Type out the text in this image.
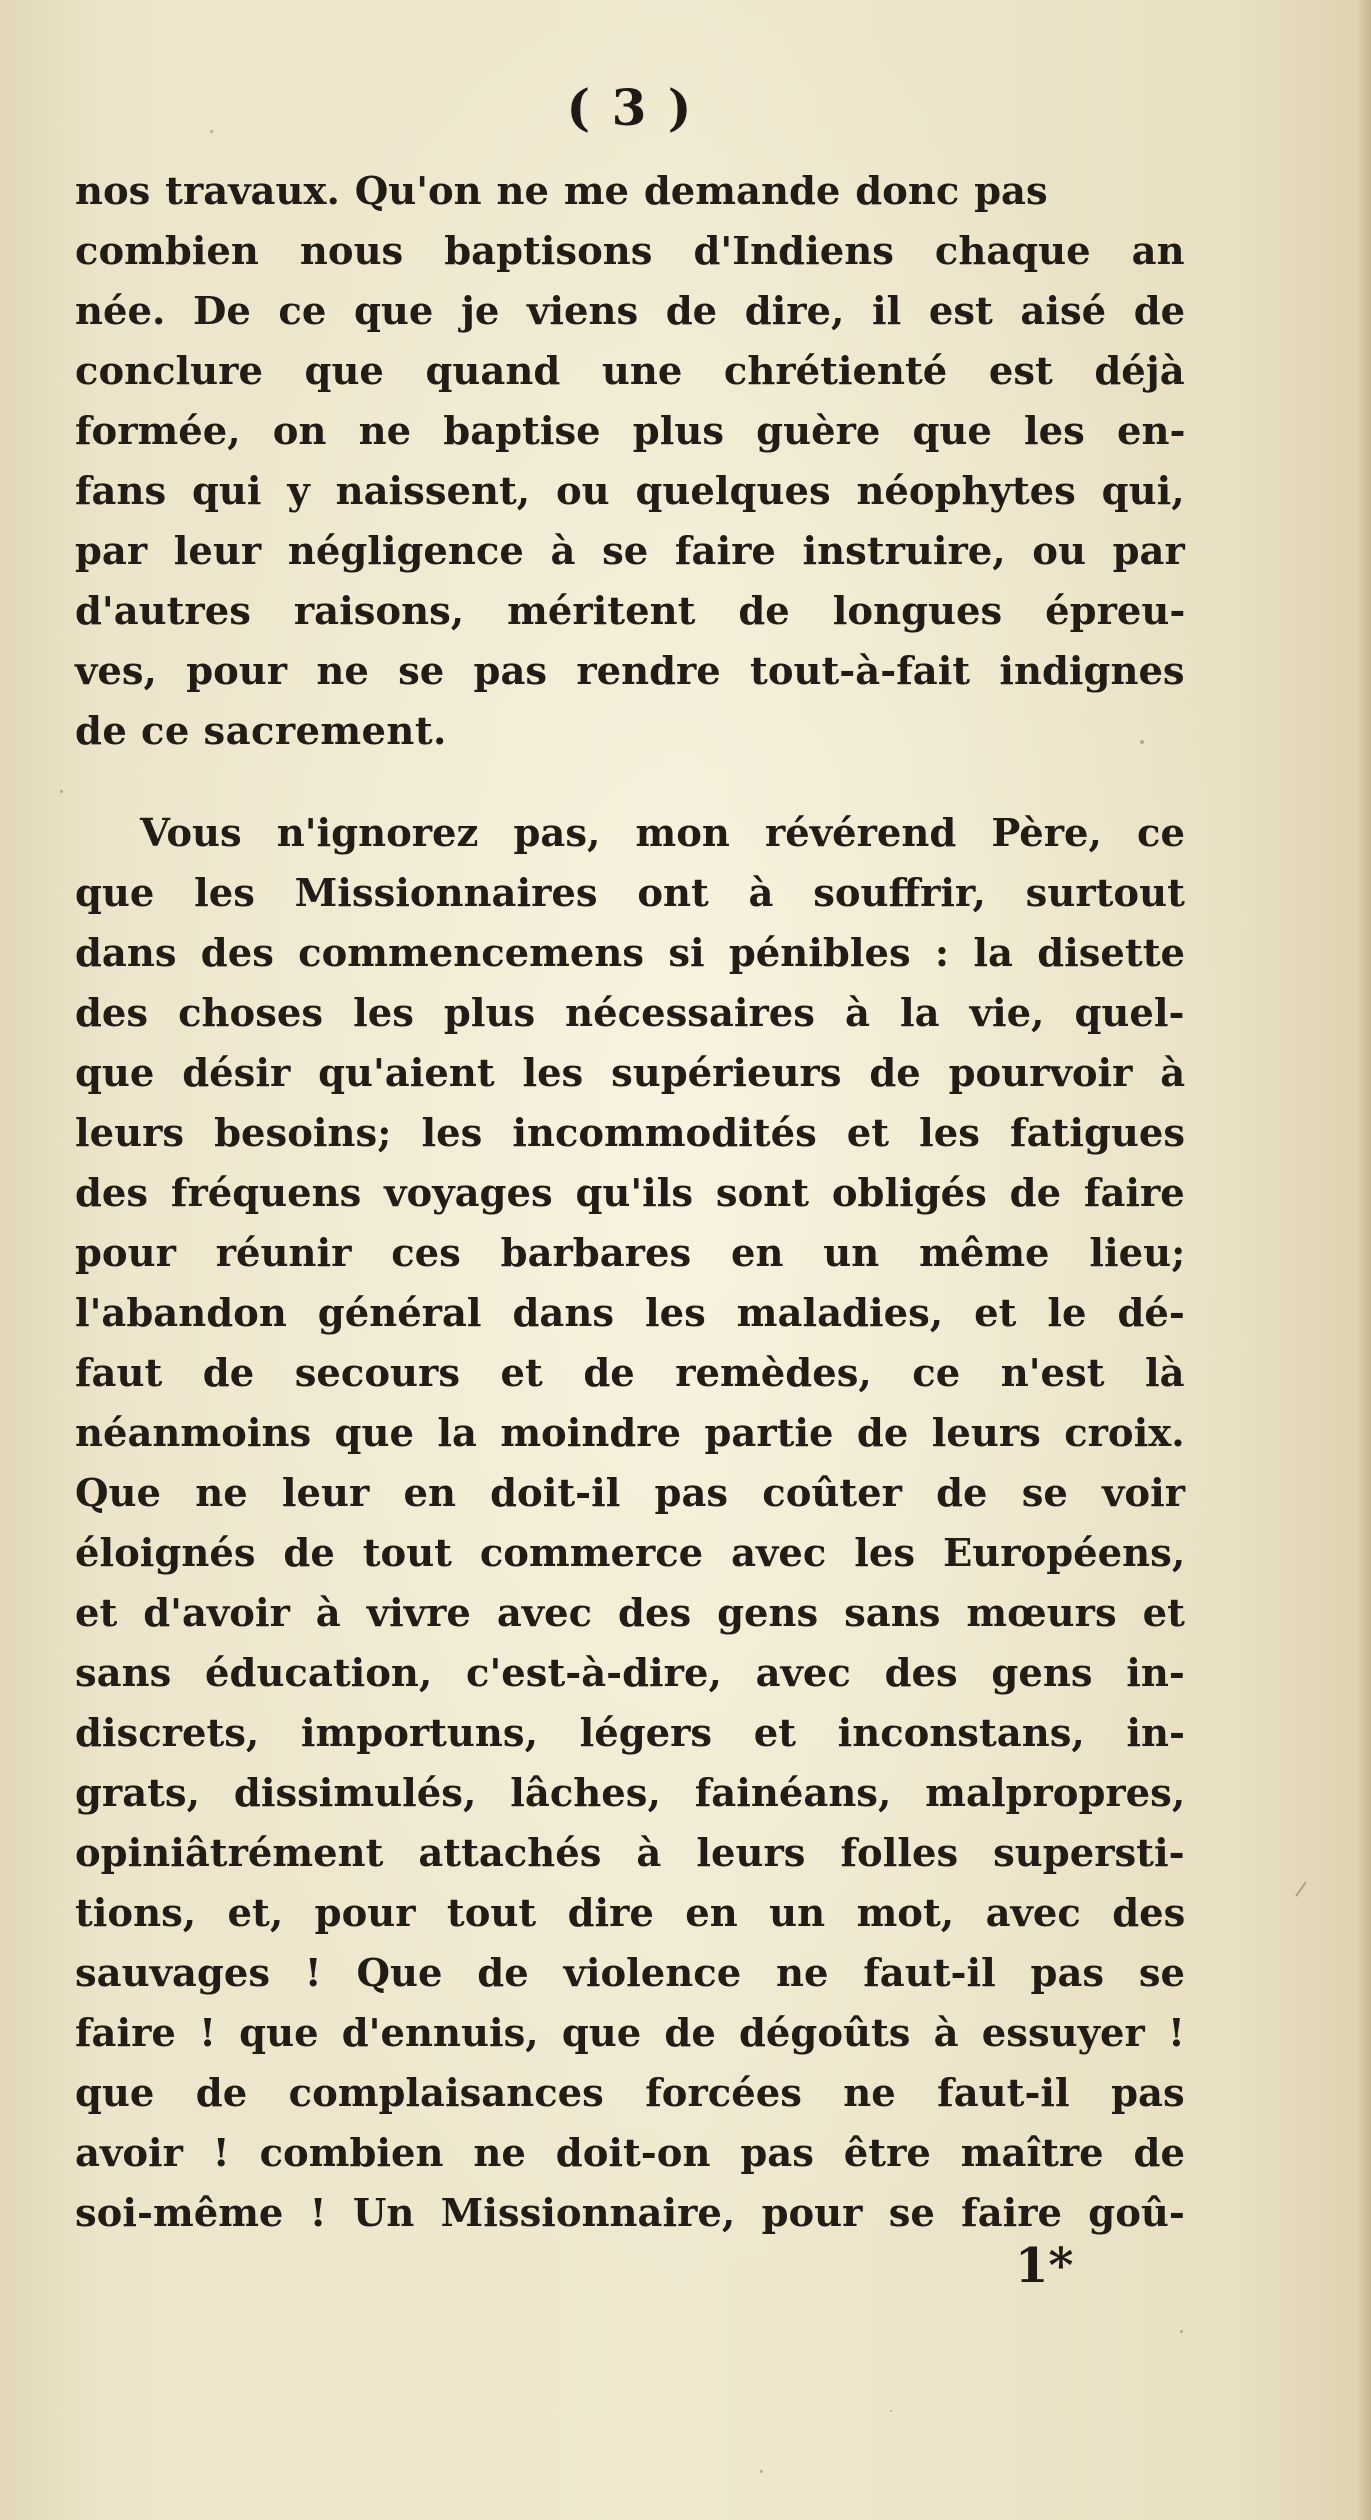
( 3 )
nos travaux. Qu'on ne me demande donc pas
combien nous baptisons d'Indiens chaque an
née. De ce que je viens de dire, il est aisé de
conclure que quand une chrétienté est déjà
formée, on ne baptise plus guère que les en-
fans qui y naissent, ou quelques néophytes qui,
par leur négligence à se faire instruire, ou par
d'autres raisons, méritent de longues épreu-
ves, pour ne se pas rendre tout-à-fait indignes
de ce sacrement.
Vous n'ignorez pas, mon révérend Père, ce
que les Missionnaires ont à souffrir, surtout
dans des commencemens si pénibles : la disette
des choses les plus nécessaires à la vie, quel-
que désir qu'aient les supérieurs de pourvoir à
leurs besoins; les incommodités et les fatigues
des fréquens voyages qu'ils sont obligés de faire
pour réunir ces barbares en un même lieu;
l'abandon général dans les maladies, et le dé-
faut de secours et de remèdes, ce n'est là
néanmoins que la moindre partie de leurs croix.
Que ne leur en doit-il pas coûter de se voir
éloignés de tout commerce avec les Européens,
et d'avoir à vivre avec des gens sans mœurs et
sans éducation, c'est-à-dire, avec des gens in-
discrets, importuns, légers et inconstans, in-
grats, dissimulés, lâches, fainéans, malpropres,
opiniâtrément attachés à leurs folles supersti-
tions, et, pour tout dire en un mot, avec des
sauvages ! Que de violence ne faut-il pas se
faire ! que d'ennuis, que de dégoûts à essuyer !
que de complaisances forcées ne faut-il pas
avoir ! combien ne doit-on pas être maître de
soi-même ! Un Missionnaire, pour se faire goû-
1*
